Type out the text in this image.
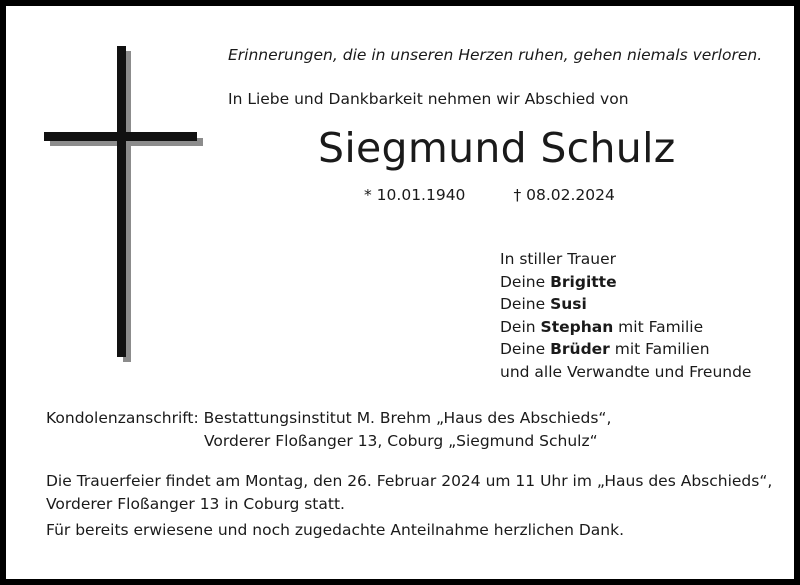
Erinnerungen, die in unseren Herzen ruhen, gehen niemals verloren.
In Liebe und Dankbarkeit nehmen wir Abschied von
Siegmund Schulz
* 10.01.1940	† 08.02.2024
In stiller Trauer
Deine Brigitte
Deine Susi
Dein Stephan mit Familie
Deine Brüder mit Familien
und alle Verwandte und Freunde
Kondolenzanschrift: Bestattungsinstitut M. Brehm „Haus des Abschieds“,
Vorderer Floßanger 13, Coburg „Siegmund Schulz“
Die Trauerfeier findet am Montag, den 26. Februar 2024 um 11 Uhr im „Haus des Abschieds“,
Vorderer Floßanger 13 in Coburg statt.
Für bereits erwiesene und noch zugedachte Anteilnahme herzlichen Dank.
